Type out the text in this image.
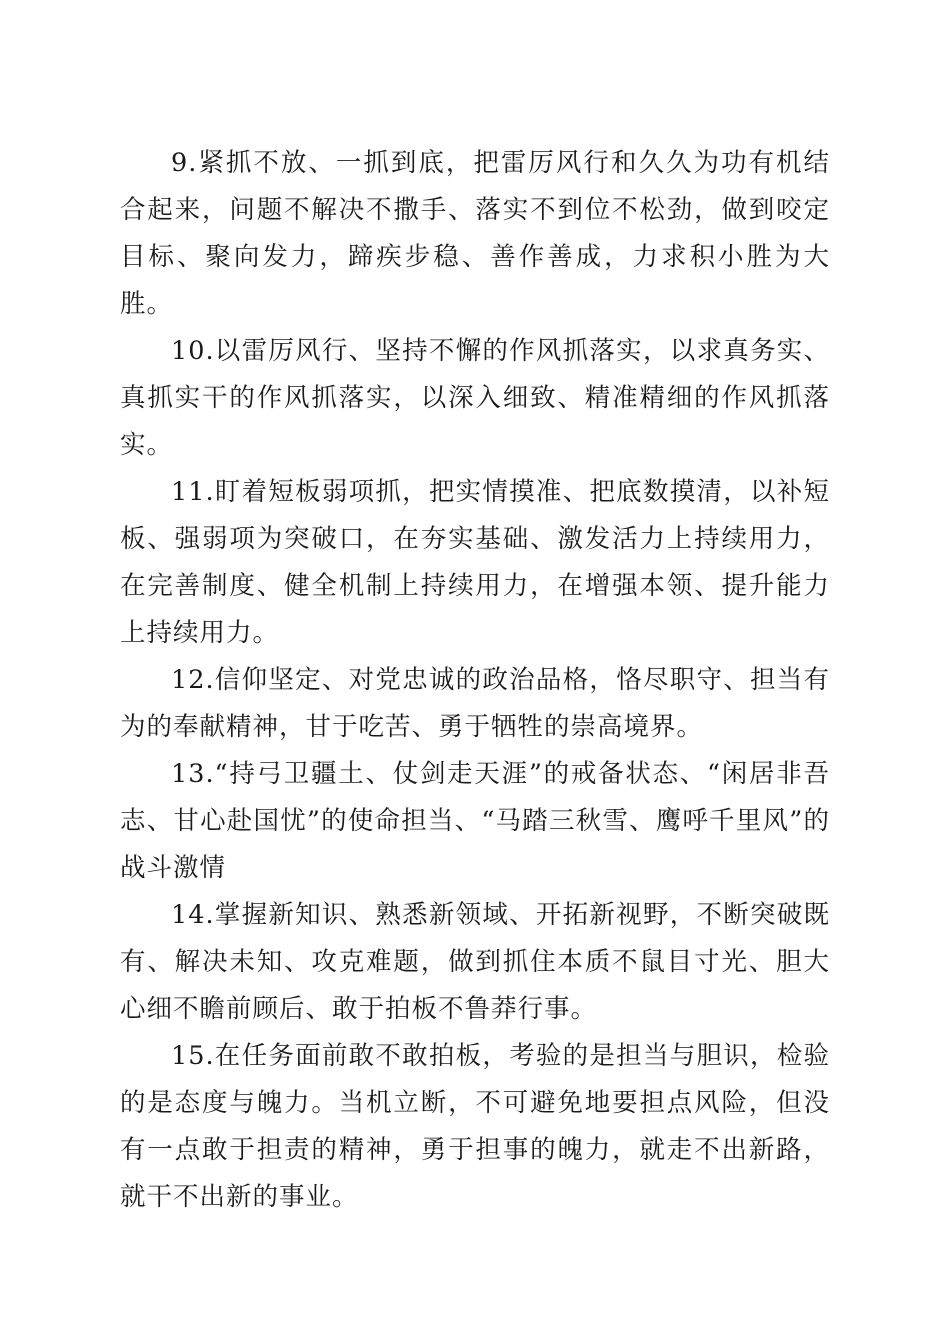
9.紧抓不放、一抓到底，把雷厉风行和久久为功有机结合起来，问题不解决不撒手、落实不到位不松劲，做到咬定目标、聚向发力，蹄疾步稳、善作善成，力求积小胜为大胜。

10.以雷厉风行、坚持不懈的作风抓落实，以求真务实、真抓实干的作风抓落实，以深入细致、精准精细的作风抓落实。

11.盯着短板弱项抓，把实情摸准、把底数摸清，以补短板、强弱项为突破口，在夯实基础、激发活力上持续用力，在完善制度、健全机制上持续用力，在增强本领、提升能力上持续用力。

12.信仰坚定、对党忠诚的政治品格，恪尽职守、担当有为的奉献精神，甘于吃苦、勇于牺牲的崇高境界。

13.“持弓卫疆土、仗剑走天涯”的戒备状态、“闲居非吾志、甘心赴国忧”的使命担当、“马踏三秋雪、鹰呼千里风”的战斗激情

14.掌握新知识、熟悉新领域、开拓新视野，不断突破既有、解决未知、攻克难题，做到抓住本质不鼠目寸光、胆大心细不瞻前顾后、敢于拍板不鲁莽行事。

15.在任务面前敢不敢拍板，考验的是担当与胆识，检验的是态度与魄力。当机立断，不可避免地要担点风险，但没有一点敢于担责的精神，勇于担事的魄力，就走不出新路，就干不出新的事业。
